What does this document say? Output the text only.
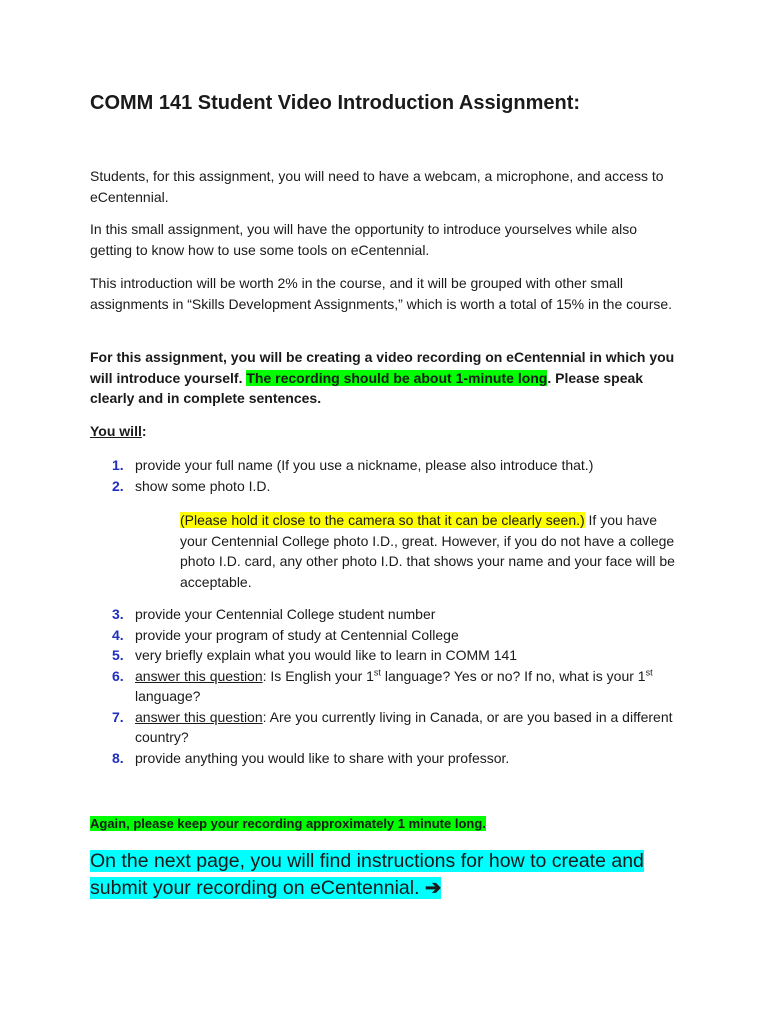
COMM 141 Student Video Introduction Assignment:

Students, for this assignment, you will need to have a webcam, a microphone, and access to eCentennial.

In this small assignment, you will have the opportunity to introduce yourselves while also getting to know how to use some tools on eCentennial.

This introduction will be worth 2% in the course, and it will be grouped with other small assignments in “Skills Development Assignments,” which is worth a total of 15% in the course.

For this assignment, you will be creating a video recording on eCentennial in which you will introduce yourself. The recording should be about 1-minute long. Please speak clearly and in complete sentences.

You will:

1. provide your full name (If you use a nickname, please also introduce that.)
2. show some photo I.D.

(Please hold it close to the camera so that it can be clearly seen.) If you have your Centennial College photo I.D., great. However, if you do not have a college photo I.D. card, any other photo I.D. that shows your name and your face will be acceptable.

3. provide your Centennial College student number
4. provide your program of study at Centennial College
5. very briefly explain what you would like to learn in COMM 141
6. answer this question: Is English your 1st language? Yes or no? If no, what is your 1st language?
7. answer this question: Are you currently living in Canada, or are you based in a different country?
8. provide anything you would like to share with your professor.

Again, please keep your recording approximately 1 minute long.

On the next page, you will find instructions for how to create and submit your recording on eCentennial. ➔
